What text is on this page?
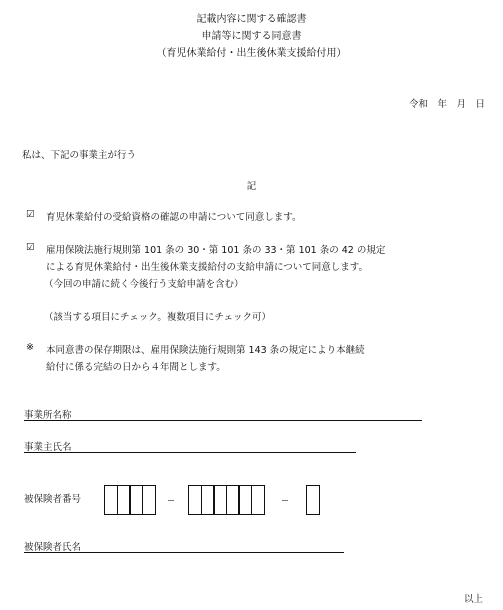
記載内容に関する確認書
申請等に関する同意書
（育児休業給付・出生後休業支援給付用）
令和　年　月　日
私は、下記の事業主が行う
記
☑ 育児休業給付の受給資格の確認の申請について同意します。
☑ 雇用保険法施行規則第 101 条の 30・第 101 条の 33・第 101 条の 42 の規定
による育児休業給付・出生後休業支援給付の支給申請について同意します。
（今回の申請に続く今後行う支給申請を含む）
（該当する項目にチェック。複数項目にチェック可）
※ 本同意書の保存期限は、雇用保険法施行規則第 143 条の規定により本継続
給付に係る完結の日から４年間とします。
事業所名称
事業主氏名
被保険者番号
被保険者氏名
以上
